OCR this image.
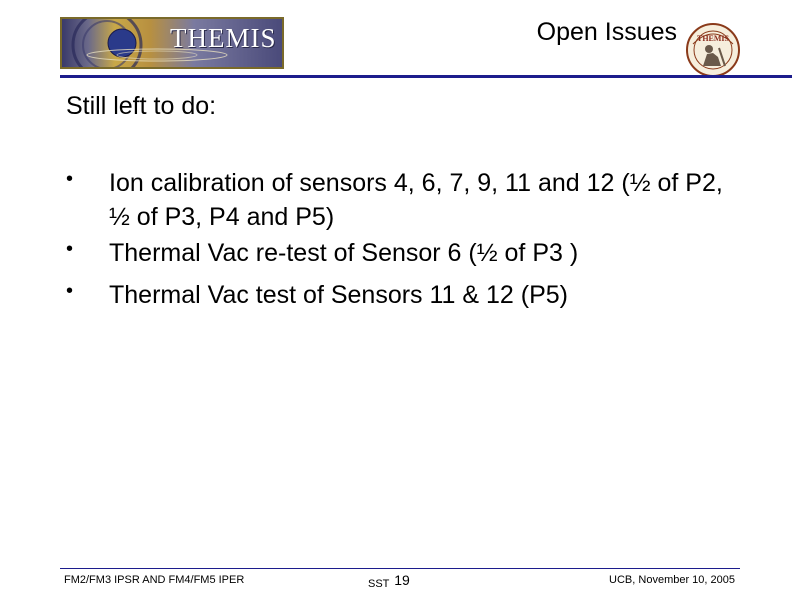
THEMIS	Open Issues THEMIS
Still left to do:
• Ion calibration of sensors 4, 6, 7, 9, 11 and 12 (½ of P2, ½ of P3, P4 and P5)
• Thermal Vac re-test of Sensor 6 (½ of P3 )
• Thermal Vac test of Sensors 11 & 12 (P5)
FM2/FM3 IPSR AND FM4/FM5 IPER	SST 19	UCB, November 10, 2005
